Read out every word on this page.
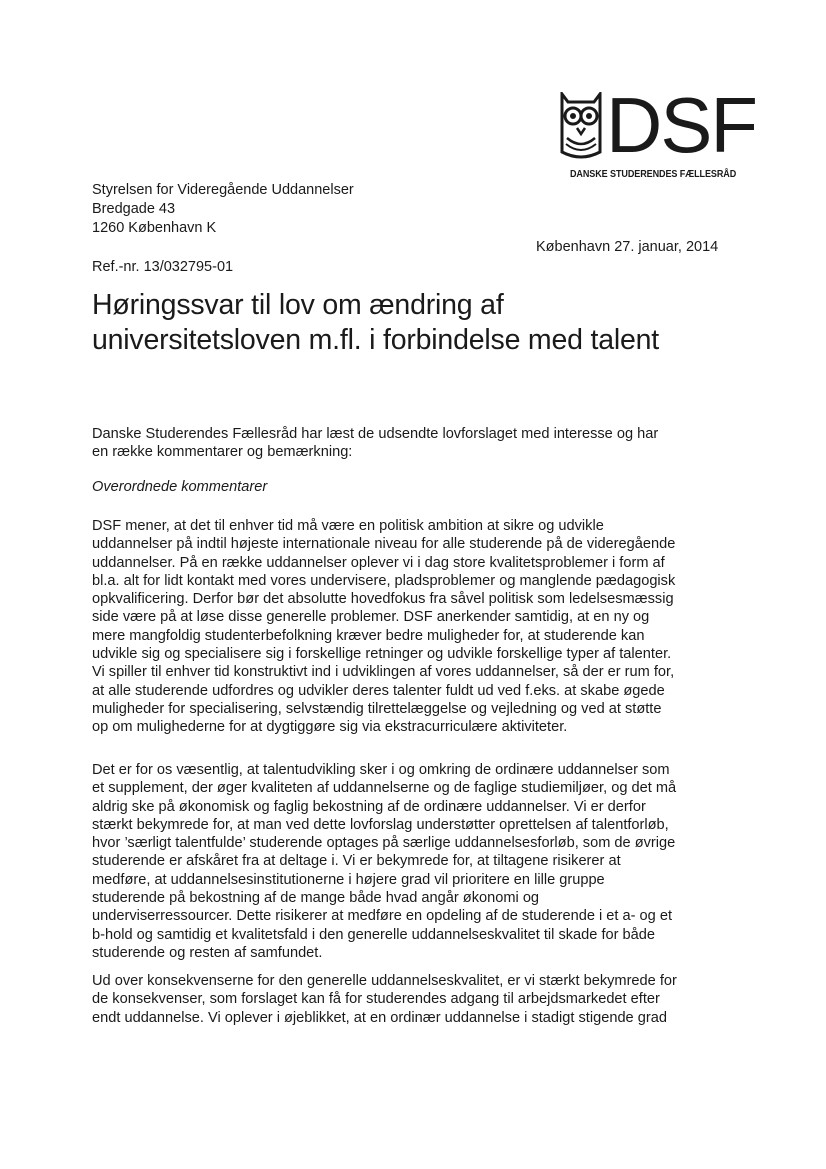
DSF
DANSKE STUDERENDES FÆLLESRÅD
Styrelsen for Videregående Uddannelser
Bredgade 43
1260 København K
København 27. januar, 2014
Ref.-nr. 13/032795-01
Høringssvar til lov om ændring af universitetsloven m.fl. i forbindelse med talent
Danske Studerendes Fællesråd har læst de udsendte lovforslaget med interesse og har
en række kommentarer og bemærkning:
Overordnede kommentarer
DSF mener, at det til enhver tid må være en politisk ambition at sikre og udvikle
uddannelser på indtil højeste internationale niveau for alle studerende på de videregående
uddannelser. På en række uddannelser oplever vi i dag store kvalitetsproblemer i form af
bl.a. alt for lidt kontakt med vores undervisere, pladsproblemer og manglende pædagogisk
opkvalificering. Derfor bør det absolutte hovedfokus fra såvel politisk som ledelsesmæssig
side være på at løse disse generelle problemer. DSF anerkender samtidig, at en ny og
mere mangfoldig studenterbefolkning kræver bedre muligheder for, at studerende kan
udvikle sig og specialisere sig i forskellige retninger og udvikle forskellige typer af talenter.
Vi spiller til enhver tid konstruktivt ind i udviklingen af vores uddannelser, så der er rum for,
at alle studerende udfordres og udvikler deres talenter fuldt ud ved f.eks. at skabe øgede
muligheder for specialisering, selvstændig tilrettelæggelse og vejledning og ved at støtte
op om mulighederne for at dygtiggøre sig via ekstracurriculære aktiviteter.
Det er for os væsentlig, at talentudvikling sker i og omkring de ordinære uddannelser som
et supplement, der øger kvaliteten af uddannelserne og de faglige studiemiljøer, og det må
aldrig ske på økonomisk og faglig bekostning af de ordinære uddannelser. Vi er derfor
stærkt bekymrede for, at man ved dette lovforslag understøtter oprettelsen af talentforløb,
hvor ’særligt talentfulde’ studerende optages på særlige uddannelsesforløb, som de øvrige
studerende er afskåret fra at deltage i. Vi er bekymrede for, at tiltagene risikerer at
medføre, at uddannelsesinstitutionerne i højere grad vil prioritere en lille gruppe
studerende på bekostning af de mange både hvad angår økonomi og
underviserressourcer. Dette risikerer at medføre en opdeling af de studerende i et a- og et
b-hold og samtidig et kvalitetsfald i den generelle uddannelseskvalitet til skade for både
studerende og resten af samfundet.
Ud over konsekvenserne for den generelle uddannelseskvalitet, er vi stærkt bekymrede for
de konsekvenser, som forslaget kan få for studerendes adgang til arbejdsmarkedet efter
endt uddannelse. Vi oplever i øjeblikket, at en ordinær uddannelse i stadigt stigende grad
